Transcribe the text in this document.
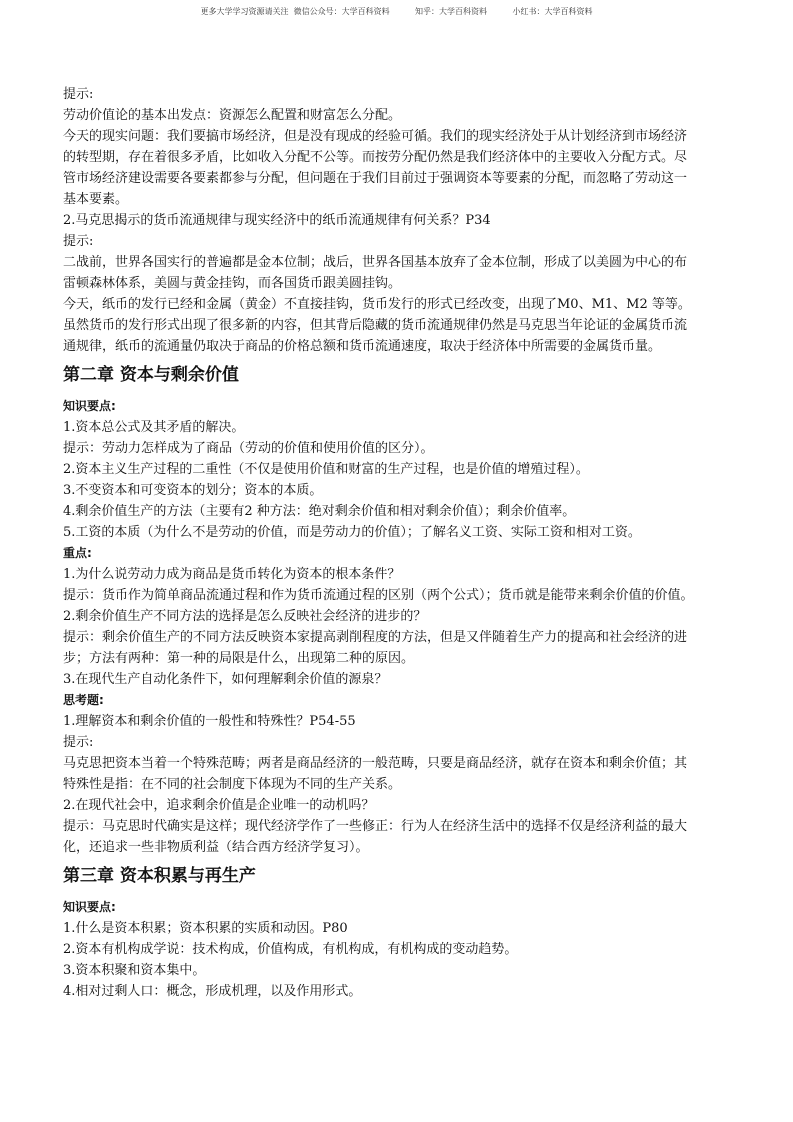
更多大学学习资源请关注  微信公众号：大学百科资料          知乎：大学百科资料          小红书：大学百科资料
提示:
劳动价值论的基本出发点：资源怎么配置和财富怎么分配。
今天的现实问题：我们要搞市场经济，但是没有现成的经验可循。我们的现实经济处于从计划经济到市场经济
的转型期，存在着很多矛盾，比如收入分配不公等。而按劳分配仍然是我们经济体中的主要收入分配方式。尽
管市场经济建设需要各要素都参与分配，但问题在于我们目前过于强调资本等要素的分配，而忽略了劳动这一
基本要素。
2.马克思揭示的货币流通规律与现实经济中的纸币流通规律有何关系？P34
提示:
二战前，世界各国实行的普遍都是金本位制；战后，世界各国基本放弃了金本位制，形成了以美圆为中心的布
雷顿森林体系，美圆与黄金挂钩，而各国货币跟美圆挂钩。
今天，纸币的发行已经和金属（黄金）不直接挂钩，货币发行的形式已经改变，出现了M0、M1、M2 等等。
虽然货币的发行形式出现了很多新的内容，但其背后隐藏的货币流通规律仍然是马克思当年论证的金属货币流
通规律，纸币的流通量仍取决于商品的价格总额和货币流通速度，取决于经济体中所需要的金属货币量。
第二章 资本与剩余价值
知识要点:
1.资本总公式及其矛盾的解决。
提示：劳动力怎样成为了商品（劳动的价值和使用价值的区分）。
2.资本主义生产过程的二重性（不仅是使用价值和财富的生产过程，也是价值的增殖过程）。
3.不变资本和可变资本的划分；资本的本质。
4.剩余价值生产的方法（主要有2 种方法：绝对剩余价值和相对剩余价值）；剩余价值率。
5.工资的本质（为什么不是劳动的价值，而是劳动力的价值）；了解名义工资、实际工资和相对工资。
重点:
1.为什么说劳动力成为商品是货币转化为资本的根本条件？
提示：货币作为简单商品流通过程和作为货币流通过程的区别（两个公式）；货币就是能带来剩余价值的价值。
2.剩余价值生产不同方法的选择是怎么反映社会经济的进步的？
提示：剩余价值生产的不同方法反映资本家提高剥削程度的方法，但是又伴随着生产力的提高和社会经济的进
步；方法有两种：第一种的局限是什么，出现第二种的原因。
3.在现代生产自动化条件下，如何理解剩余价值的源泉？
思考题:
1.理解资本和剩余价值的一般性和特殊性？P54-55
提示:
马克思把资本当着一个特殊范畴；两者是商品经济的一般范畴，只要是商品经济，就存在资本和剩余价值；其
特殊性是指：在不同的社会制度下体现为不同的生产关系。
2.在现代社会中，追求剩余价值是企业唯一的动机吗？
提示：马克思时代确实是这样；现代经济学作了一些修正：行为人在经济生活中的选择不仅是经济利益的最大
化，还追求一些非物质利益（结合西方经济学复习）。
第三章 资本积累与再生产
知识要点:
1.什么是资本积累；资本积累的实质和动因。P80
2.资本有机构成学说：技术构成，价值构成，有机构成，有机构成的变动趋势。
3.资本积聚和资本集中。
4.相对过剩人口：概念，形成机理，以及作用形式。
